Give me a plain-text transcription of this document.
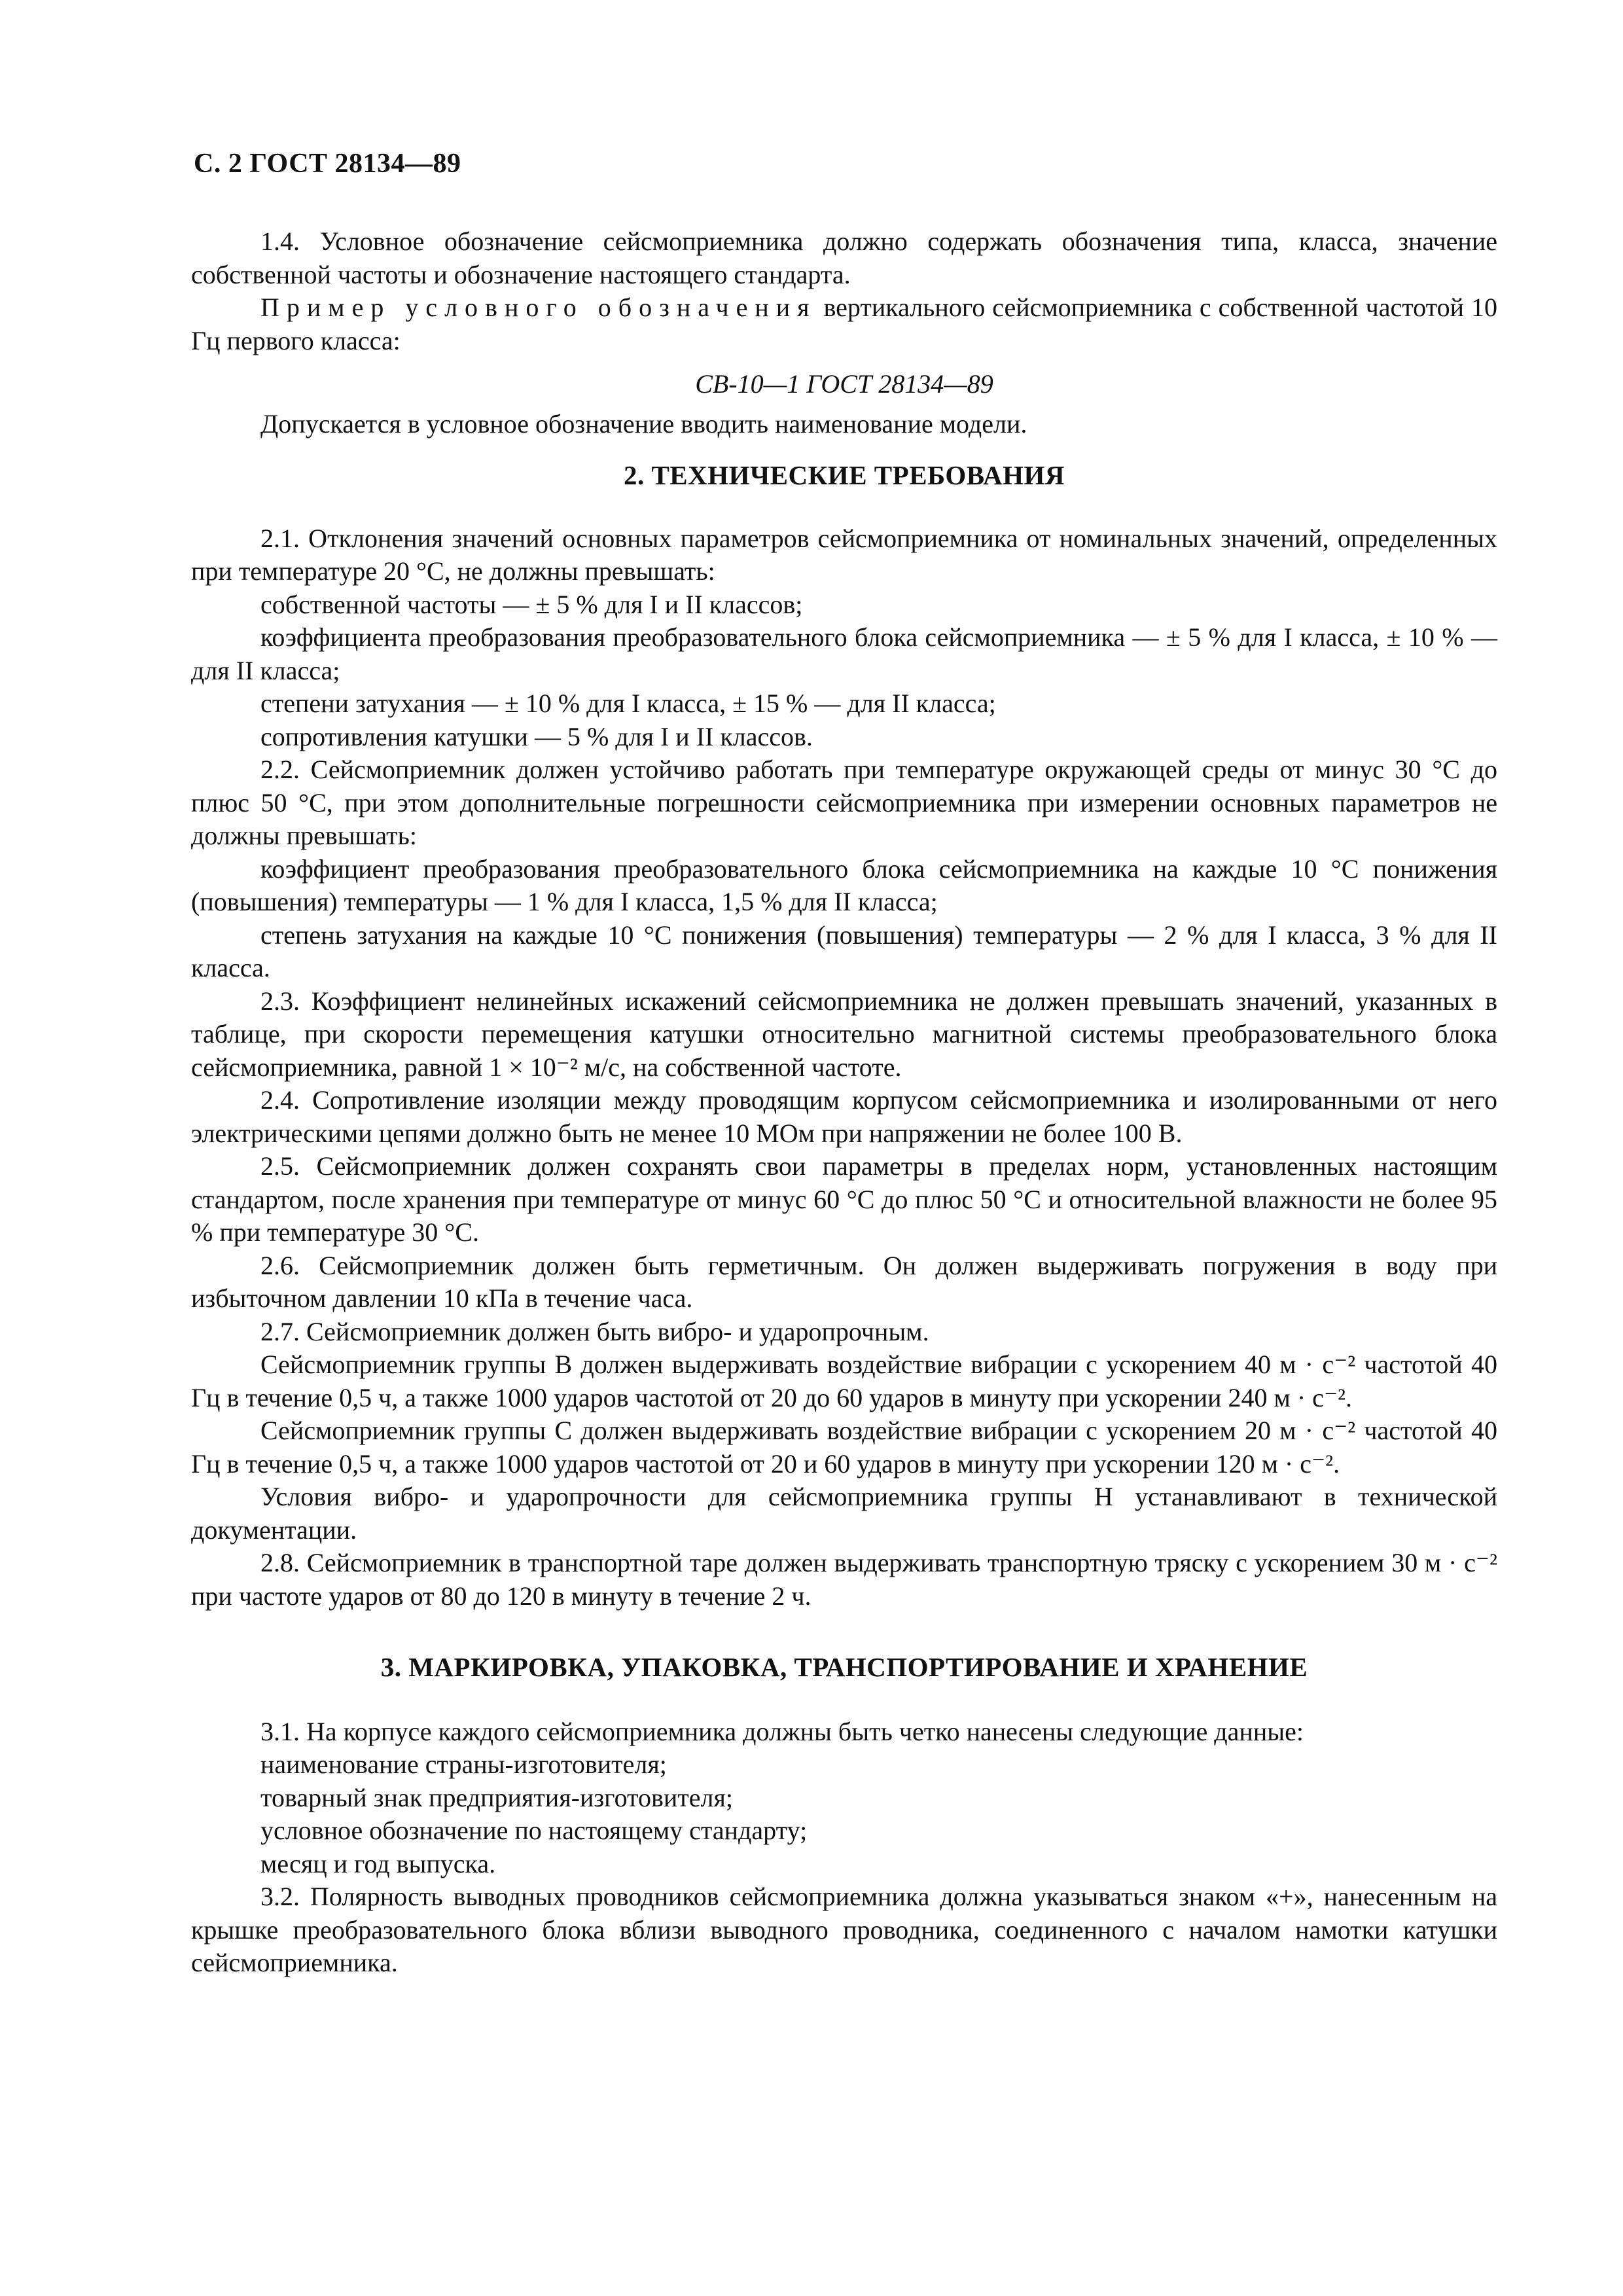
С. 2 ГОСТ 28134—89

1.4. Условное обозначение сейсмоприемника должно содержать обозначения типа, класса, значение собственной частоты и обозначение настоящего стандарта.

Пример условного обозначения вертикального сейсмоприемника с собственной частотой 10 Гц первого класса:

СВ-10—1 ГОСТ 28134—89

Допускается в условное обозначение вводить наименование модели.

2. ТЕХНИЧЕСКИЕ ТРЕБОВАНИЯ

2.1. Отклонения значений основных параметров сейсмоприемника от номинальных значений, определенных при температуре 20 °С, не должны превышать:

собственной частоты — ± 5 % для I и II классов;

коэффициента преобразования преобразовательного блока сейсмоприемника — ± 5 % для I класса, ± 10 % — для II класса;

степени затухания — ± 10 % для I класса, ± 15 % — для II класса;

сопротивления катушки — 5 % для I и II классов.

2.2. Сейсмоприемник должен устойчиво работать при температуре окружающей среды от минус 30 °С до плюс 50 °С, при этом дополнительные погрешности сейсмоприемника при измерении основных параметров не должны превышать:

коэффициент преобразования преобразовательного блока сейсмоприемника на каждые 10 °С понижения (повышения) температуры — 1 % для I класса, 1,5 % для II класса;

степень затухания на каждые 10 °С понижения (повышения) температуры — 2 % для I класса, 3 % для II класса.

2.3. Коэффициент нелинейных искажений сейсмоприемника не должен превышать значений, указанных в таблице, при скорости перемещения катушки относительно магнитной системы преобразовательного блока сейсмоприемника, равной 1 × 10⁻² м/с, на собственной частоте.

2.4. Сопротивление изоляции между проводящим корпусом сейсмоприемника и изолированными от него электрическими цепями должно быть не менее 10 МОм при напряжении не более 100 В.

2.5. Сейсмоприемник должен сохранять свои параметры в пределах норм, установленных настоящим стандартом, после хранения при температуре от минус 60 °С до плюс 50 °С и относительной влажности не более 95 % при температуре 30 °С.

2.6. Сейсмоприемник должен быть герметичным. Он должен выдерживать погружения в воду при избыточном давлении 10 кПа в течение часа.

2.7. Сейсмоприемник должен быть вибро- и ударопрочным.

Сейсмоприемник группы В должен выдерживать воздействие вибрации с ускорением 40 м · с⁻² частотой 40 Гц в течение 0,5 ч, а также 1000 ударов частотой от 20 до 60 ударов в минуту при ускорении 240 м · с⁻².

Сейсмоприемник группы С должен выдерживать воздействие вибрации с ускорением 20 м · с⁻² частотой 40 Гц в течение 0,5 ч, а также 1000 ударов частотой от 20 и 60 ударов в минуту при ускорении 120 м · с⁻².

Условия вибро- и ударопрочности для сейсмоприемника группы Н устанавливают в технической документации.

2.8. Сейсмоприемник в транспортной таре должен выдерживать транспортную тряску с ускорением 30 м · с⁻² при частоте ударов от 80 до 120 в минуту в течение 2 ч.

3. МАРКИРОВКА, УПАКОВКА, ТРАНСПОРТИРОВАНИЕ И ХРАНЕНИЕ

3.1. На корпусе каждого сейсмоприемника должны быть четко нанесены следующие данные:

наименование страны-изготовителя;

товарный знак предприятия-изготовителя;

условное обозначение по настоящему стандарту;

месяц и год выпуска.

3.2. Полярность выводных проводников сейсмоприемника должна указываться знаком «+», нанесенным на крышке преобразовательного блока вблизи выводного проводника, соединенного с началом намотки катушки сейсмоприемника.
